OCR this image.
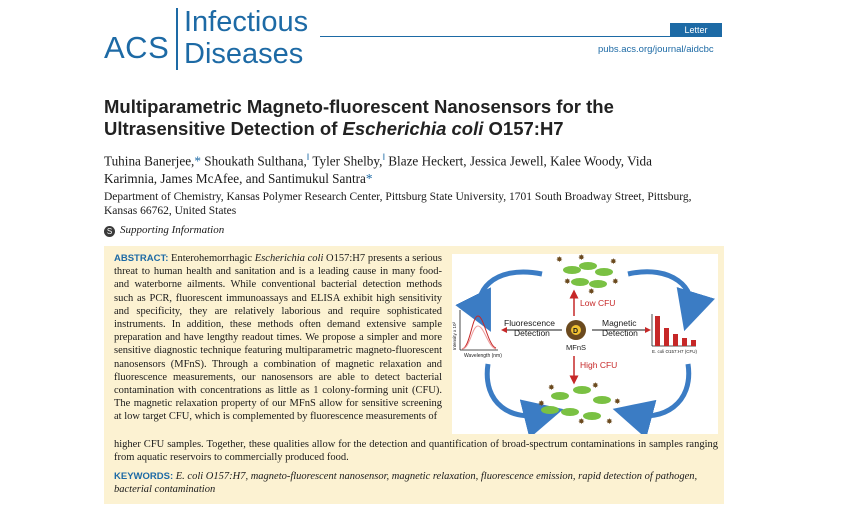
ACS
Infectious
Diseases
Letter
pubs.acs.org/journal/aidcbc
Multiparametric Magneto-fluorescent Nanosensors for the Ultrasensitive Detection of Escherichia coli O157:H7
Tuhina Banerjee,* Shoukath Sulthana,‖ Tyler Shelby,‖ Blaze Heckert, Jessica Jewell, Kalee Woody, Vida Karimnia, James McAfee, and Santimukul Santra*
Department of Chemistry, Kansas Polymer Research Center, Pittsburg State University, 1701 South Broadway Street, Pittsburg, Kansas 66762, United States
S Supporting Information
ABSTRACT: Enterohemorrhagic Escherichia coli O157:H7 presents a serious threat to human health and sanitation and is a leading cause in many food- and waterborne ailments. While conventional bacterial detection methods such as PCR, fluorescent immunoassays and ELISA exhibit high sensitivity and specificity, they are relatively laborious and require sophisticated instruments. In addition, these methods often demand extensive sample preparation and have lengthy readout times. We propose a simpler and more sensitive diagnostic technique featuring multiparametric magneto-fluorescent nanosensors (MFnS). Through a combination of magnetic relaxation and fluorescence measurements, our nanosensors are able to detect bacterial contamination with concentrations as little as 1 colony-forming unit (CFU). The magnetic relaxation property of our MFnS allow for sensitive screening at low target CFU, which is complemented by fluorescence measurements of
higher CFU samples. Together, these qualities allow for the detection and quantification of broad-spectrum contaminations in samples ranging from aquatic reservoirs to commercially produced food.
KEYWORDS: E. coli O157:H7, magneto-fluorescent nanosensor, magnetic relaxation, fluorescence emission, rapid detection of pathogen, bacterial contamination
✸ ✸	✸
✸	✸
✸
Low CFU
Fluorescence
Detection
Magnetic
Detection
D
MFnS
High CFU
✸	✸
✸
✸
✸	✸
Intensity x 10³
Wavelength (nm)
E. coli O157:H7 (CFU)
